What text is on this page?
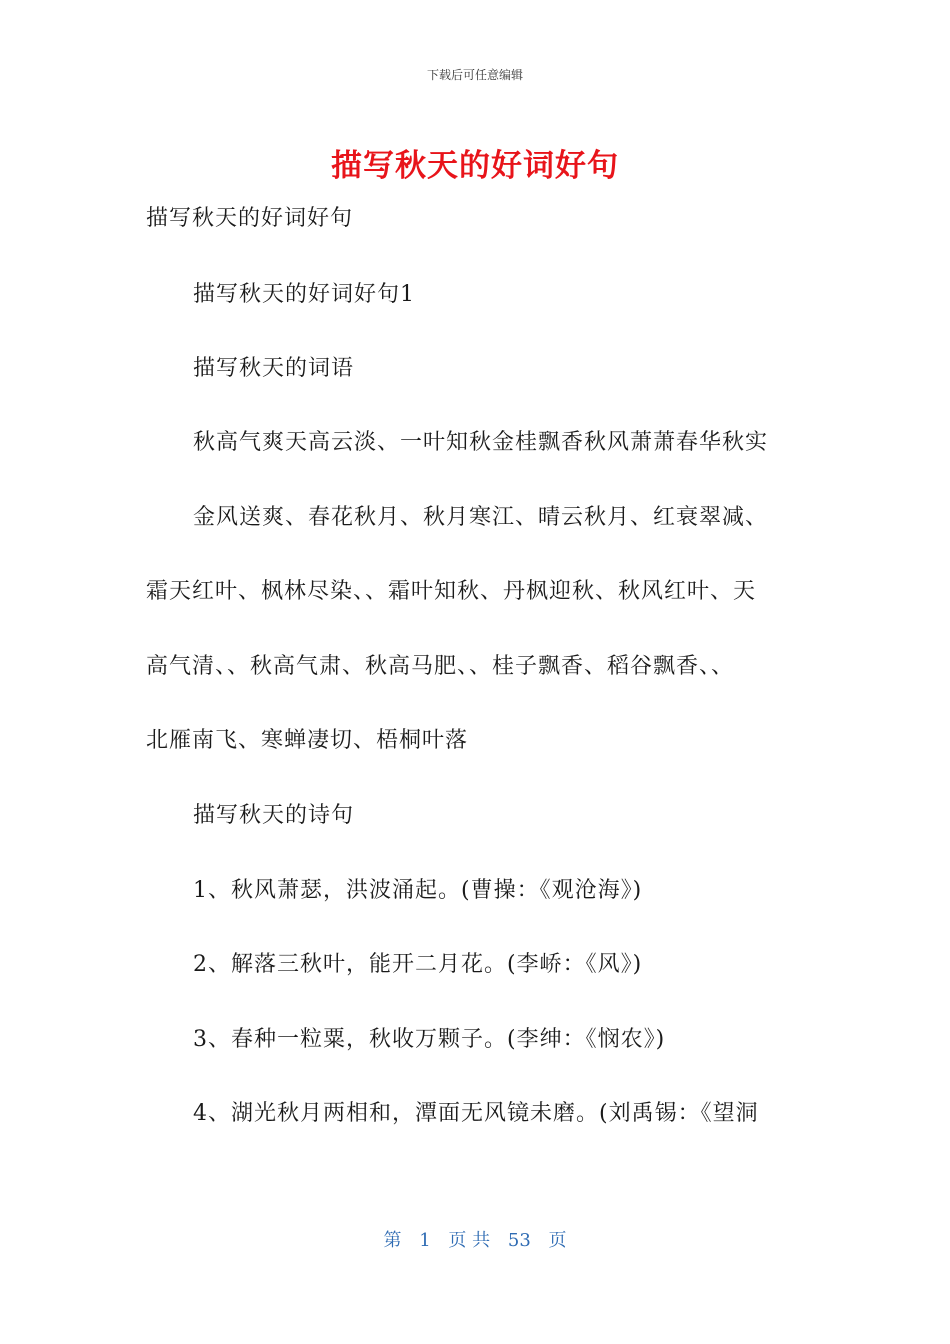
下载后可任意编辑
描写秋天的好词好句
描写秋天的好词好句
描写秋天的好词好句1
描写秋天的词语
秋高气爽天高云淡、一叶知秋金桂飘香秋风萧萧春华秋实
金风送爽、春花秋月、秋月寒江、晴云秋月、红衰翠减、
霜天红叶、枫林尽染、、霜叶知秋、丹枫迎秋、秋风红叶、天
高气清、、秋高气肃、秋高马肥、、桂子飘香、稻谷飘香、、
北雁南飞、寒蝉凄切、梧桐叶落
描写秋天的诗句
1、秋风萧瑟，洪波涌起。(曹操：《观沧海》)
2、解落三秋叶，能开二月花。(李峤：《风》)
3、春种一粒粟，秋收万颗子。(李绅：《悯农》)
4、湖光秋月两相和，潭面无风镜未磨。(刘禹锡：《望洞
第 1 页 共 53 页
